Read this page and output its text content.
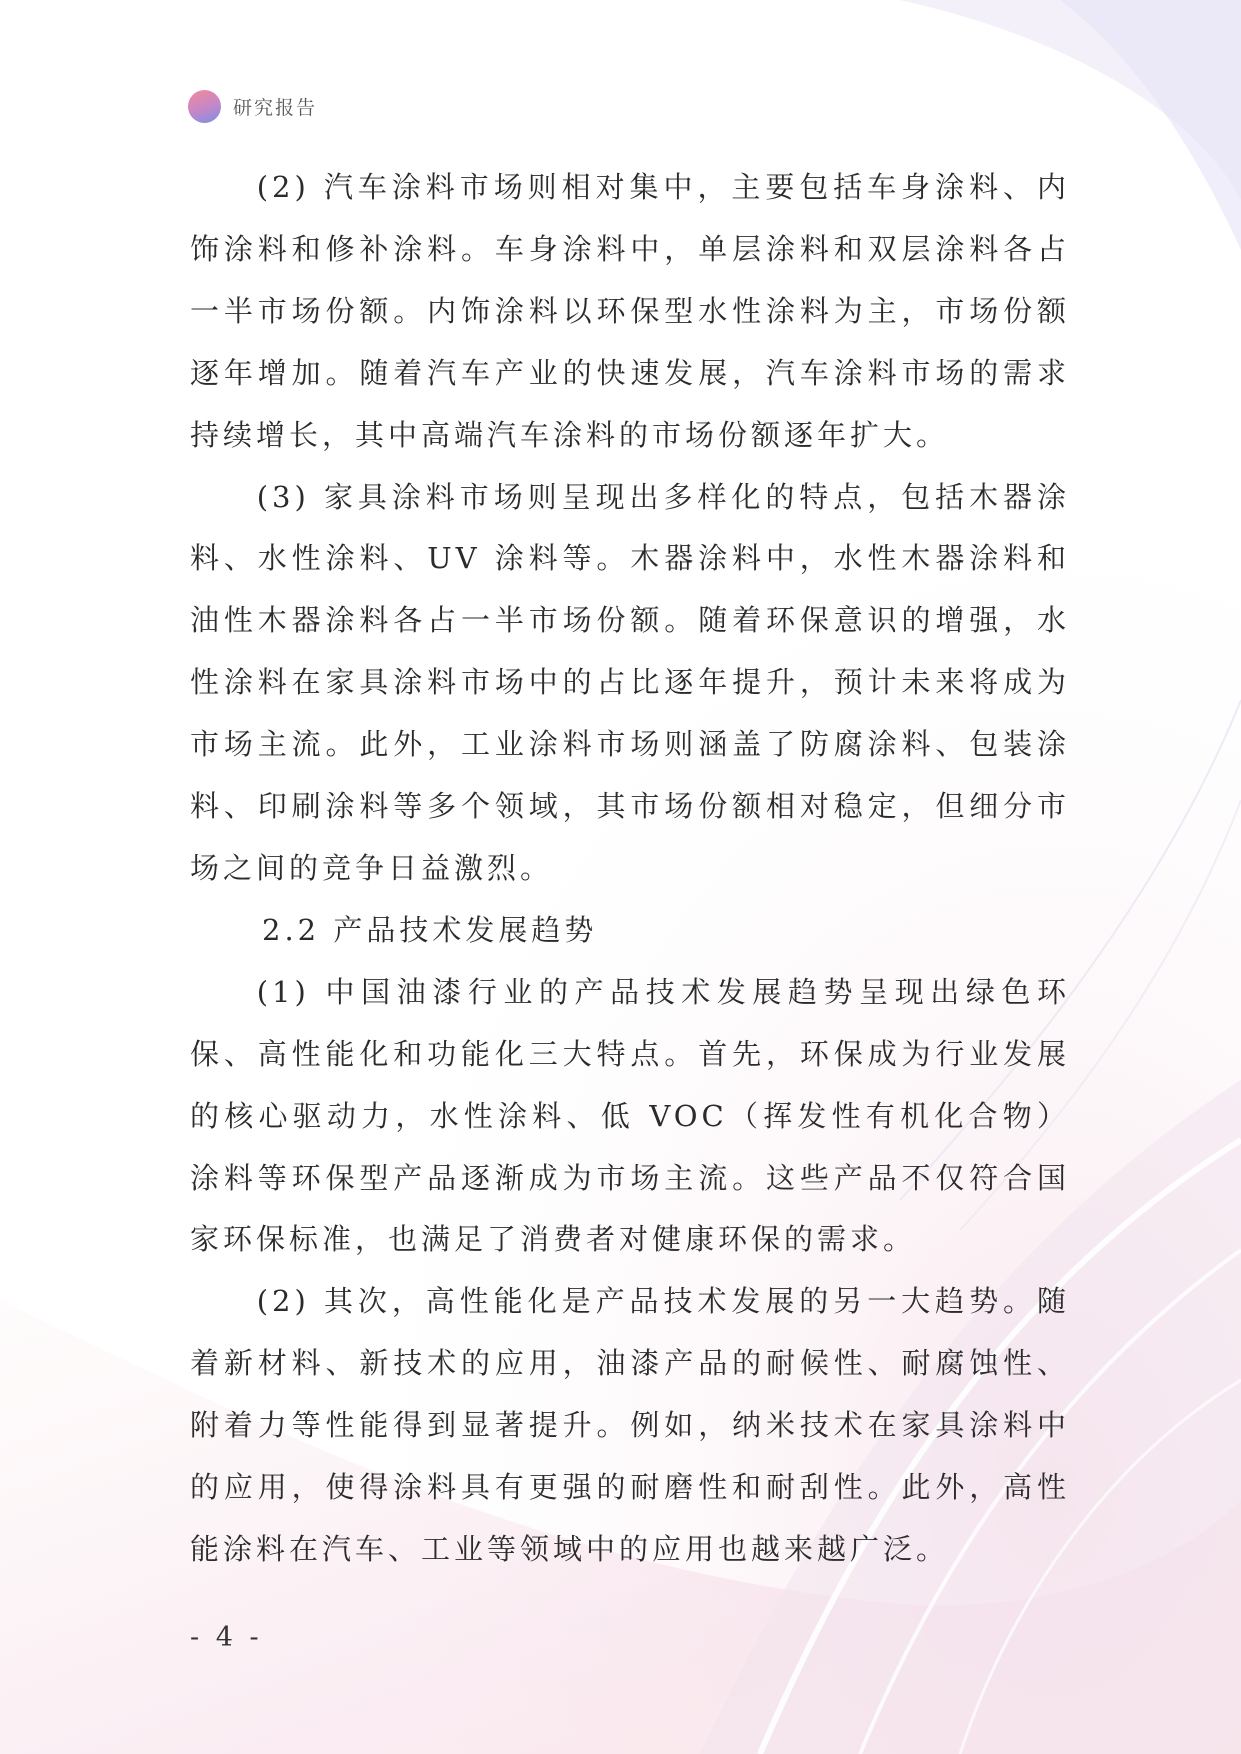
研究报告

(2) 汽车涂料市场则相对集中，主要包括车身涂料、内饰涂料和修补涂料。车身涂料中，单层涂料和双层涂料各占一半市场份额。内饰涂料以环保型水性涂料为主，市场份额逐年增加。随着汽车产业的快速发展，汽车涂料市场的需求持续增长，其中高端汽车涂料的市场份额逐年扩大。

(3) 家具涂料市场则呈现出多样化的特点，包括木器涂料、水性涂料、UV 涂料等。木器涂料中，水性木器涂料和油性木器涂料各占一半市场份额。随着环保意识的增强，水性涂料在家具涂料市场中的占比逐年提升，预计未来将成为市场主流。此外，工业涂料市场则涵盖了防腐涂料、包装涂料、印刷涂料等多个领域，其市场份额相对稳定，但细分市场之间的竞争日益激烈。

2.2 产品技术发展趋势

(1) 中国油漆行业的产品技术发展趋势呈现出绿色环保、高性能化和功能化三大特点。首先，环保成为行业发展的核心驱动力，水性涂料、低 VOC（挥发性有机化合物）涂料等环保型产品逐渐成为市场主流。这些产品不仅符合国家环保标准，也满足了消费者对健康环保的需求。

(2) 其次，高性能化是产品技术发展的另一大趋势。随着新材料、新技术的应用，油漆产品的耐候性、耐腐蚀性、附着力等性能得到显著提升。例如，纳米技术在家具涂料中的应用，使得涂料具有更强的耐磨性和耐刮性。此外，高性能涂料在汽车、工业等领域中的应用也越来越广泛。

- 4 -
